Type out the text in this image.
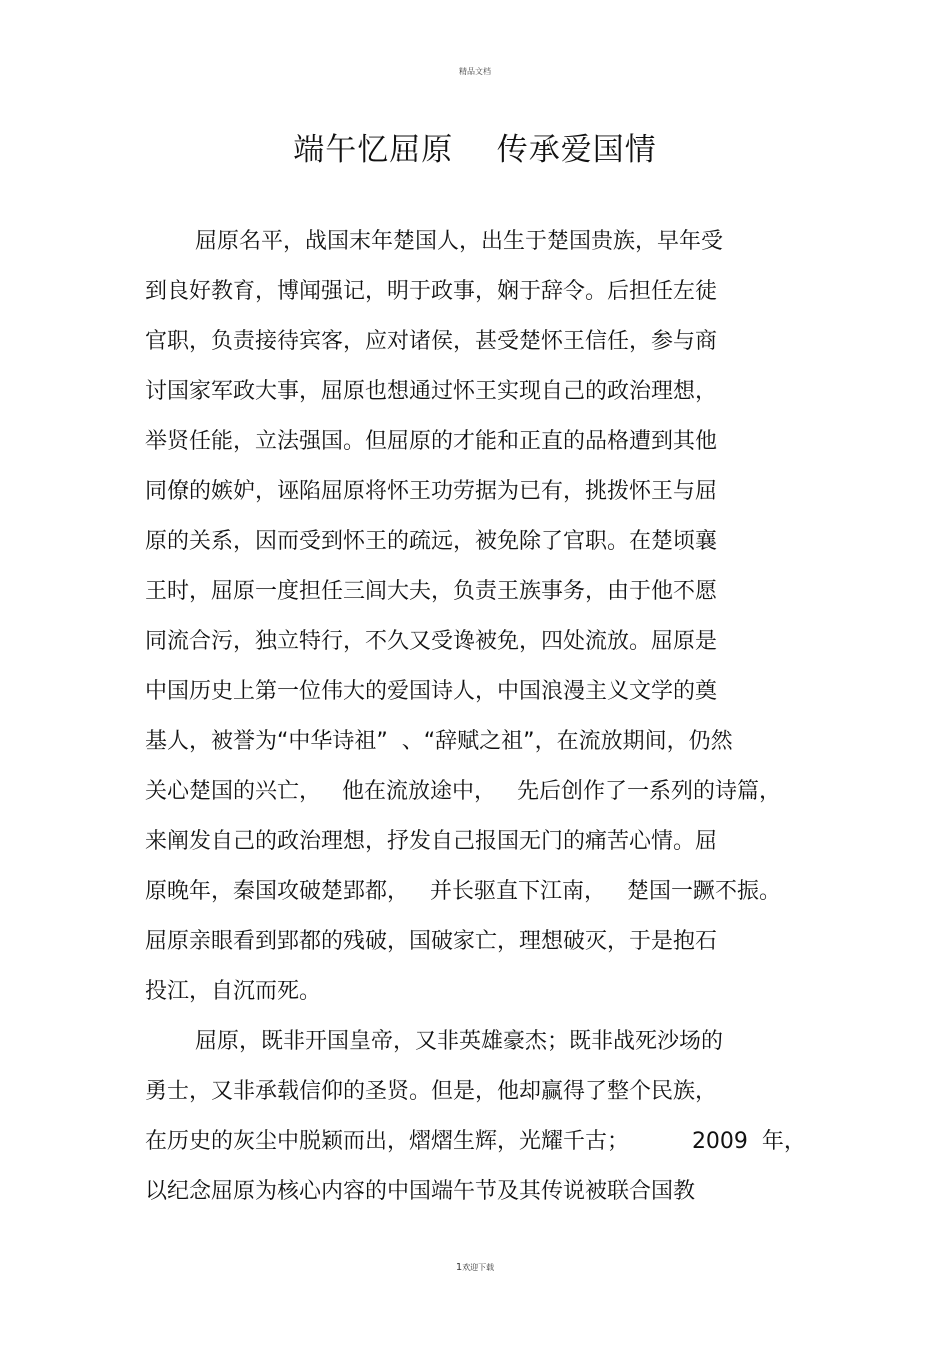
精品文档
端午忆屈原    传承爱国情
屈原名平，战国末年楚国人，出生于楚国贵族，早年受
到良好教育，博闻强记，明于政事，娴于辞令。后担任左徒
官职，负责接待宾客，应对诸侯，甚受楚怀王信任，参与商
讨国家军政大事，屈原也想通过怀王实现自己的政治理想，
举贤任能，立法强国。但屈原的才能和正直的品格遭到其他
同僚的嫉妒，诬陷屈原将怀王功劳据为已有，挑拨怀王与屈
原的关系，因而受到怀王的疏远，被免除了官职。在楚顷襄
王时，屈原一度担任三闾大夫，负责王族事务，由于他不愿
同流合污，独立特行，不久又受谗被免，四处流放。屈原是
中国历史上第一位伟大的爱国诗人，中国浪漫主义文学的奠
基人，被誉为“中华诗祖”  、“辞赋之祖”，在流放期间，仍然
关心楚国的兴亡，   他在流放途中，   先后创作了一系列的诗篇，
来阐发自己的政治理想，抒发自己报国无门的痛苦心情。屈
原晚年，秦国攻破楚郢都，   并长驱直下江南，   楚国一蹶不振。
屈原亲眼看到郢都的残破，国破家亡，理想破灭，于是抱石
投江，自沉而死。
屈原，既非开国皇帝，又非英雄豪杰；既非战死沙场的
勇士，又非承载信仰的圣贤。但是，他却赢得了整个民族，
在历史的灰尘中脱颖而出，熠熠生辉，光耀千古；         2009  年，
以纪念屈原为核心内容的中国端午节及其传说被联合国教
1欢迎下载
